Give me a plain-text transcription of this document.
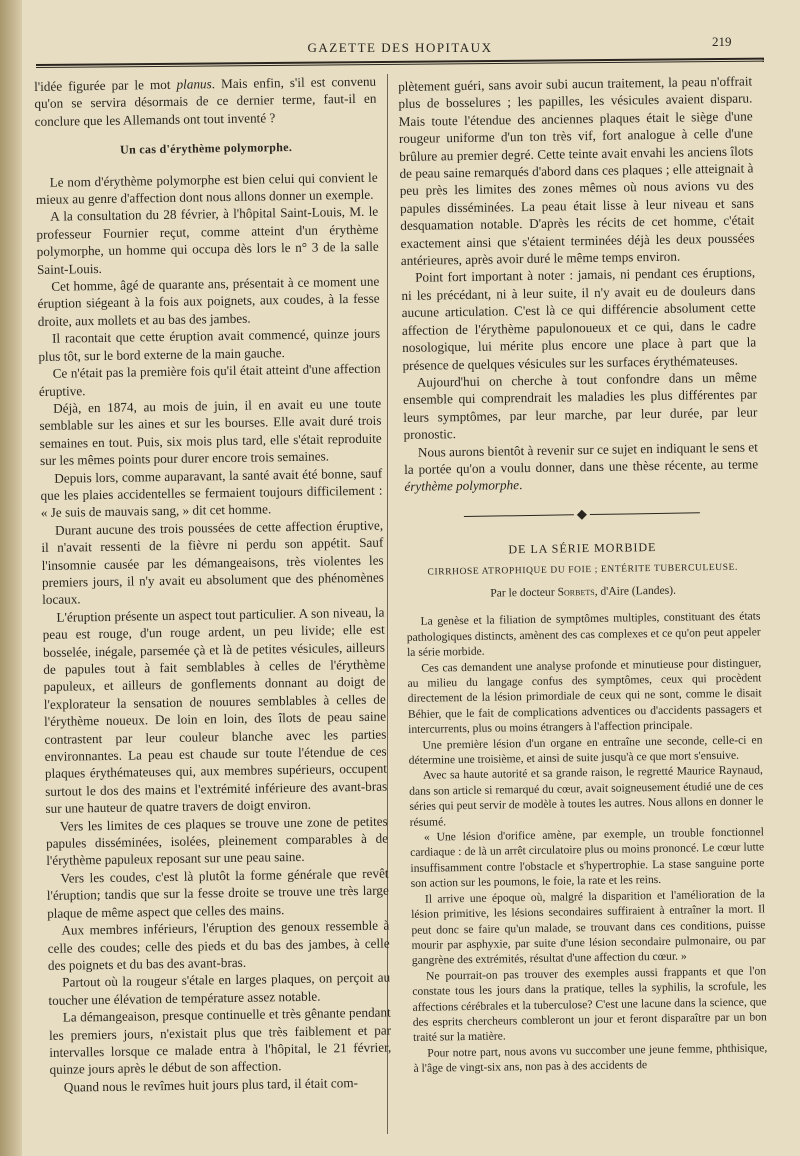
GAZETTE DES HOPITAUX	219

l'idée figurée par le mot planus. Mais enfin, s'il est convenu qu'on se servira désormais de ce dernier terme, faut-il en conclure que les Allemands ont tout inventé ?

Un cas d'érythème polymorphe.

Le nom d'érythème polymorphe est bien celui qui convient le mieux au genre d'affection dont nous allons donner un exemple.

A la consultation du 28 février, à l'hôpital Saint-Louis, M. le professeur Fournier reçut, comme atteint d'un érythème polymorphe, un homme qui occupa dès lors le n° 3 de la salle Saint-Louis.

Cet homme, âgé de quarante ans, présentait à ce moment une éruption siégeant à la fois aux poignets, aux coudes, à la fesse droite, aux mollets et au bas des jambes.

Il racontait que cette éruption avait commencé, quinze jours plus tôt, sur le bord externe de la main gauche.

Ce n'était pas la première fois qu'il était atteint d'une affection éruptive.

Déjà, en 1874, au mois de juin, il en avait eu une toute semblable sur les aines et sur les bourses. Elle avait duré trois semaines en tout. Puis, six mois plus tard, elle s'était reproduite sur les mêmes points pour durer encore trois semaines.

Depuis lors, comme auparavant, la santé avait été bonne, sauf que les plaies accidentelles se fermaient toujours difficilement : « Je suis de mauvais sang, » dit cet homme.

Durant aucune des trois poussées de cette affection éruptive, il n'avait ressenti de la fièvre ni perdu son appétit. Sauf l'insomnie causée par les démangeaisons, très violentes les premiers jours, il n'y avait eu absolument que des phénomènes locaux.

L'éruption présente un aspect tout particulier. A son niveau, la peau est rouge, d'un rouge ardent, un peu livide; elle est bosselée, inégale, parsemée çà et là de petites vésicules, ailleurs de papules tout à fait semblables à celles de l'érythème papuleux, et ailleurs de gonflements donnant au doigt de l'explorateur la sensation de nouures semblables à celles de l'érythème noueux. De loin en loin, des îlots de peau saine contrastent par leur couleur blanche avec les parties environnantes. La peau est chaude sur toute l'étendue de ces plaques érythémateuses qui, aux membres supérieurs, occupent surtout le dos des mains et l'extrémité inférieure des avant-bras sur une hauteur de quatre travers de doigt environ.

Vers les limites de ces plaques se trouve une zone de petites papules disséminées, isolées, pleinement comparables à de l'érythème papuleux reposant sur une peau saine.

Vers les coudes, c'est là plutôt la forme générale que revêt l'éruption; tandis que sur la fesse droite se trouve une très large plaque de même aspect que celles des mains.

Aux membres inférieurs, l'éruption des genoux ressemble à celle des coudes; celle des pieds et du bas des jambes, à celle des poignets et du bas des avant-bras.

Partout où la rougeur s'étale en larges plaques, on perçoit au toucher une élévation de température assez notable.

La démangeaison, presque continuelle et très gênante pendant les premiers jours, n'existait plus que très faiblement et par intervalles lorsque ce malade entra à l'hôpital, le 21 février, quinze jours après le début de son affection.

Quand nous le revîmes huit jours plus tard, il était com-

plètement guéri, sans avoir subi aucun traitement, la peau n'offrait plus de bosselures ; les papilles, les vésicules avaient disparu. Mais toute l'étendue des anciennes plaques était le siège d'une rougeur uniforme d'un ton très vif, fort analogue à celle d'une brûlure au premier degré. Cette teinte avait envahi les anciens îlots de peau saine remarqués d'abord dans ces plaques ; elle atteignait à peu près les limites des zones mêmes où nous avions vu des papules disséminées. La peau était lisse à leur niveau et sans desquamation notable. D'après les récits de cet homme, c'était exactement ainsi que s'étaient terminées déjà les deux poussées antérieures, après avoir duré le même temps environ.

Point fort important à noter : jamais, ni pendant ces éruptions, ni les précédant, ni à leur suite, il n'y avait eu de douleurs dans aucune articulation. C'est là ce qui différencie absolument cette affection de l'érythème papulonoueux et ce qui, dans le cadre nosologique, lui mérite plus encore une place à part que la présence de quelques vésicules sur les surfaces érythémateuses.

Aujourd'hui on cherche à tout confondre dans un même ensemble qui comprendrait les maladies les plus différentes par leurs symptômes, par leur marche, par leur durée, par leur pronostic.

Nous aurons bientôt à revenir sur ce sujet en indiquant le sens et la portée qu'on a voulu donner, dans une thèse récente, au terme érythème polymorphe.

◆
DE LA SÉRIE MORBIDE
CIRRHOSE ATROPHIQUE DU FOIE ; ENTÉRITE TUBERCULEUSE.
Par le docteur Sorbets, d'Aire (Landes).

La genèse et la filiation de symptômes multiples, constituant des états pathologiques distincts, amènent des cas complexes et ce qu'on peut appeler la série morbide.

Ces cas demandent une analyse profonde et minutieuse pour distinguer, au milieu du langage confus des symptômes, ceux qui procèdent directement de la lésion primordiale de ceux qui ne sont, comme le disait Béhier, que le fait de complications adventices ou d'accidents passagers et intercurrents, plus ou moins étrangers à l'affection principale.

Une première lésion d'un organe en entraîne une seconde, celle-ci en détermine une troisième, et ainsi de suite jusqu'à ce que mort s'ensuive.

Avec sa haute autorité et sa grande raison, le regretté Maurice Raynaud, dans son article si remarqué du cœur, avait soigneusement étudié une de ces séries qui peut servir de modèle à toutes les autres. Nous allons en donner le résumé.

« Une lésion d'orifice amène, par exemple, un trouble fonctionnel cardiaque : de là un arrêt circulatoire plus ou moins prononcé. Le cœur lutte insuffisamment contre l'obstacle et s'hypertrophie. La stase sanguine porte son action sur les poumons, le foie, la rate et les reins.

Il arrive une époque où, malgré la disparition et l'amélioration de la lésion primitive, les lésions secondaires suffiraient à entraîner la mort. Il peut donc se faire qu'un malade, se trouvant dans ces conditions, puisse mourir par asphyxie, par suite d'une lésion secondaire pulmonaire, ou par gangrène des extrémités, résultat d'une affection du cœur. »

Ne pourrait-on pas trouver des exemples aussi frappants et que l'on constate tous les jours dans la pratique, telles la syphilis, la scrofule, les affections cérébrales et la tuberculose? C'est une lacune dans la science, que des esprits chercheurs combleront un jour et feront disparaître par un bon traité sur la matière.

Pour notre part, nous avons vu succomber une jeune femme, phthisique, à l'âge de vingt-six ans, non pas à des accidents de
